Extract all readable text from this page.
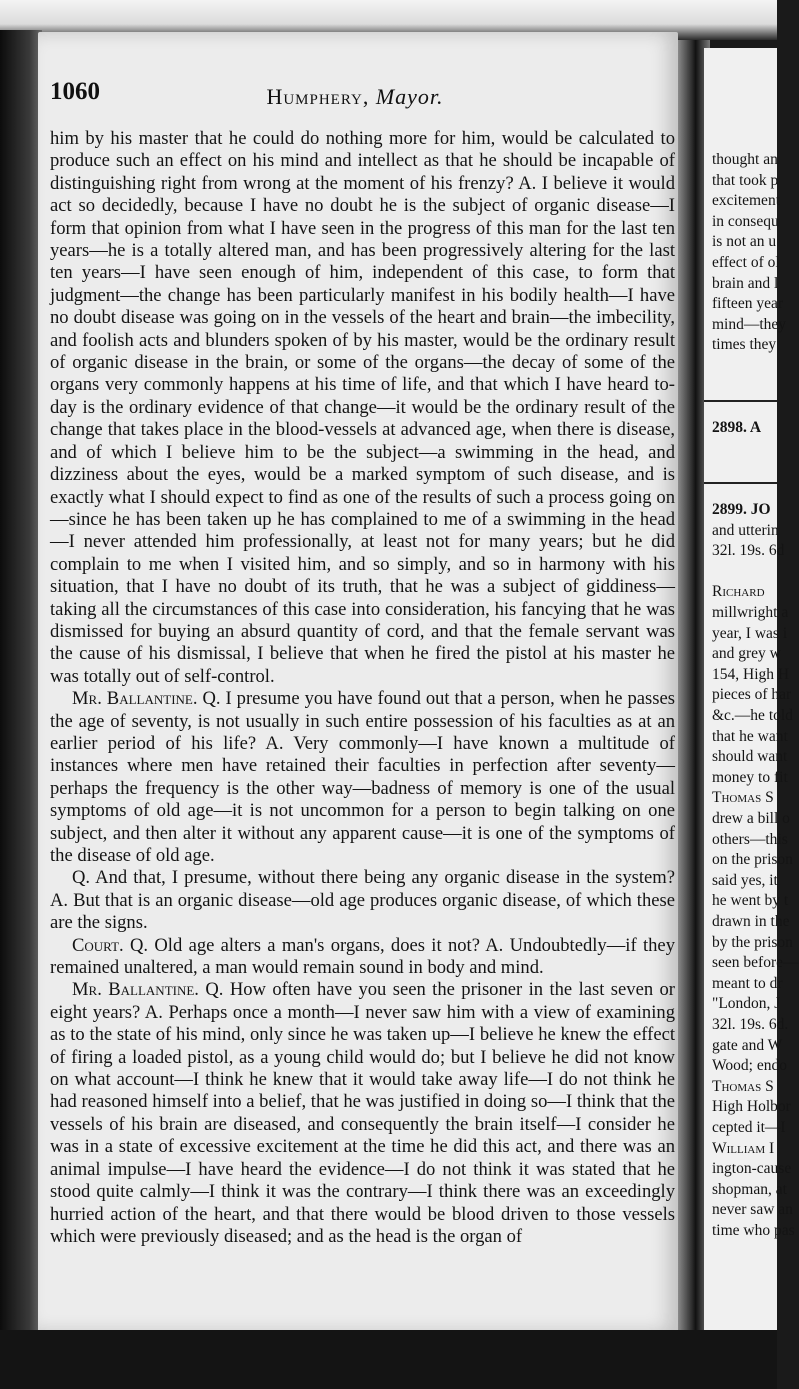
1060	Humphery, Mayor.

him by his master that he could do nothing more for him, would be calculated to produce such an effect on his mind and intellect as that he should be incapable of distinguishing right from wrong at the moment of his frenzy? A. I believe it would act so decidedly, because I have no doubt he is the subject of organic disease—I form that opinion from what I have seen in the progress of this man for the last ten years—he is a totally altered man, and has been progressively altering for the last ten years—I have seen enough of him, independent of this case, to form that judgment—the change has been particularly manifest in his bodily health—I have no doubt disease was going on in the vessels of the heart and brain—the imbecility, and foolish acts and blunders spoken of by his master, would be the ordinary result of organic disease in the brain, or some of the organs—the decay of some of the organs very commonly happens at his time of life, and that which I have heard to-day is the ordinary evidence of that change—it would be the ordinary result of the change that takes place in the blood-vessels at advanced age, when there is disease, and of which I believe him to be the subject—a swimming in the head, and dizziness about the eyes, would be a marked symptom of such disease, and is exactly what I should expect to find as one of the results of such a process going on—since he has been taken up he has complained to me of a swimming in the head—I never attended him professionally, at least not for many years; but he did complain to me when I visited him, and so simply, and so in harmony with his situation, that I have no doubt of its truth, that he was a subject of giddiness—taking all the circumstances of this case into consideration, his fancying that he was dismissed for buying an absurd quantity of cord, and that the female servant was the cause of his dismissal, I believe that when he fired the pistol at his master he was totally out of self-control.

Mr. Ballantine. Q. I presume you have found out that a person, when he passes the age of seventy, is not usually in such entire possession of his faculties as at an earlier period of his life? A. Very commonly—I have known a multitude of instances where men have retained their faculties in perfection after seventy—perhaps the frequency is the other way—badness of memory is one of the usual symptoms of old age—it is not uncommon for a person to begin talking on one subject, and then alter it without any apparent cause—it is one of the symptoms of the disease of old age.

Q. And that, I presume, without there being any organic disease in the system? A. But that is an organic disease—old age produces organic disease, of which these are the signs.

Court. Q. Old age alters a man's organs, does it not? A. Undoubtedly—if they remained unaltered, a man would remain sound in body and mind.

Mr. Ballantine. Q. How often have you seen the prisoner in the last seven or eight years? A. Perhaps once a month—I never saw him with a view of examining as to the state of his mind, only since he was taken up—I believe he knew the effect of firing a loaded pistol, as a young child would do; but I believe he did not know on what account—I think he knew that it would take away life—I do not think he had reasoned himself into a belief, that he was justified in doing so—I think that the vessels of his brain are diseased, and consequently the brain itself—I consider he was in a state of excessive excitement at the time he did this act, and there was an animal impulse—I have heard the evidence—I do not think it was stated that he stood quite calmly—I think it was the contrary—I think there was an exceedingly hurried action of the heart, and that there would be blood driven to those vessels which were previously diseased; and as the head is the organ of

thought an
that took p
excitement
in consequ
is not an u
effect of ol
brain and l
fifteen year
mind—they
times they
2898. A
2899. JO
and utterin
32l. 19s. 6d
Richard
millwright a
year, I was i
and grey w
154, High H
pieces of har
&c.—he told
that he want
should want
money to fit
Thomas S
drew a bill o
others—this
on the prison
said yes, it
he went by t
drawn in the
by the prison
seen before—
meant to dr
"London, J
32l. 19s. 6d.
gate and W
Wood; endo
Thomas S
High Holbor
cepted it—I
William I
ington-cause
shopman, at
never saw an
time who pas
